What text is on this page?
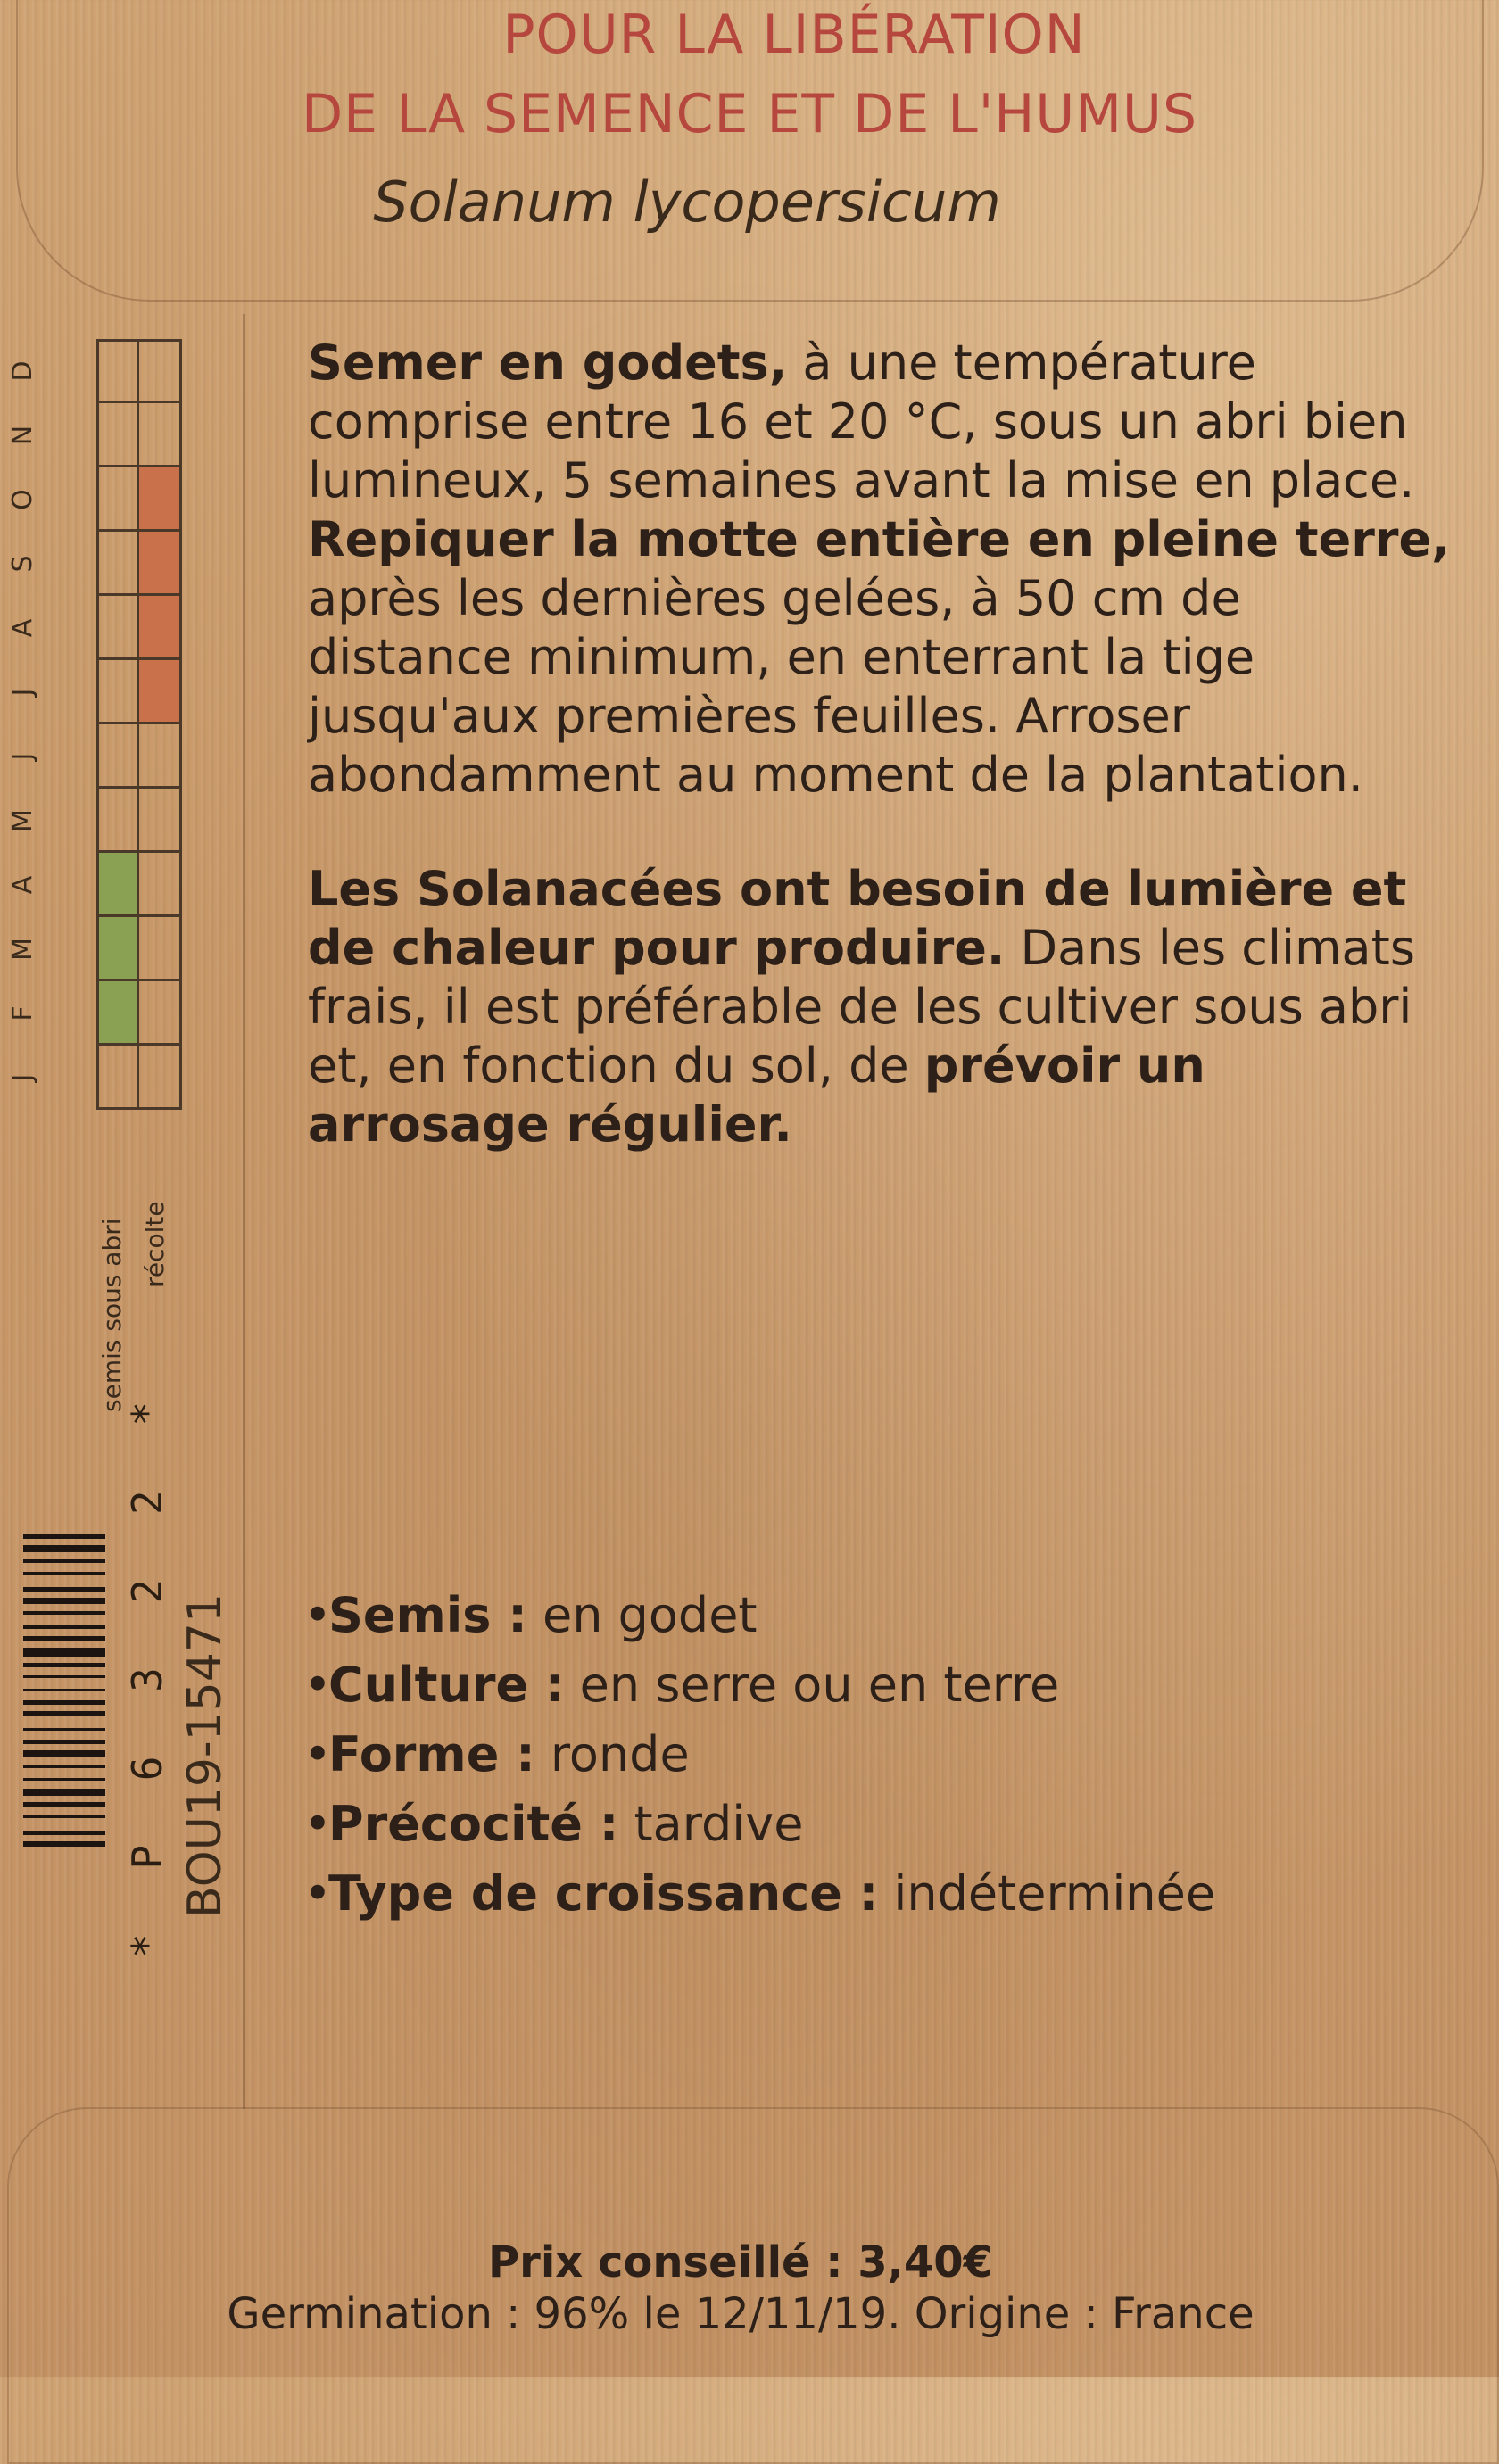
POUR LA LIBÉRATION
DE LA SEMENCE ET DE L'HUMUS
Solanum lycopersicum
D
N
O
S
A
J
J
M
A
M
F
J
semis sous abri récolte
* P 6 3 2 2 * BOU19-15471

Semer en godets, à une température comprise entre 16 et 20 °C, sous un abri bien lumineux, 5 semaines avant la mise en place. Repiquer la motte entière en pleine terre, après les dernières gelées, à 50 cm de distance minimum, en enterrant la tige jusqu'aux premières feuilles. Arroser abondamment au moment de la plantation.

Les Solanacées ont besoin de lumière et de chaleur pour produire. Dans les climats frais, il est préférable de les cultiver sous abri et, en fonction du sol, de prévoir un arrosage régulier.

•Semis : en godet
•Culture : en serre ou en terre
•Forme : ronde
•Précocité : tardive
•Type de croissance : indéterminée
Prix conseillé : 3,40€
Germination : 96% le 12/11/19. Origine : France
